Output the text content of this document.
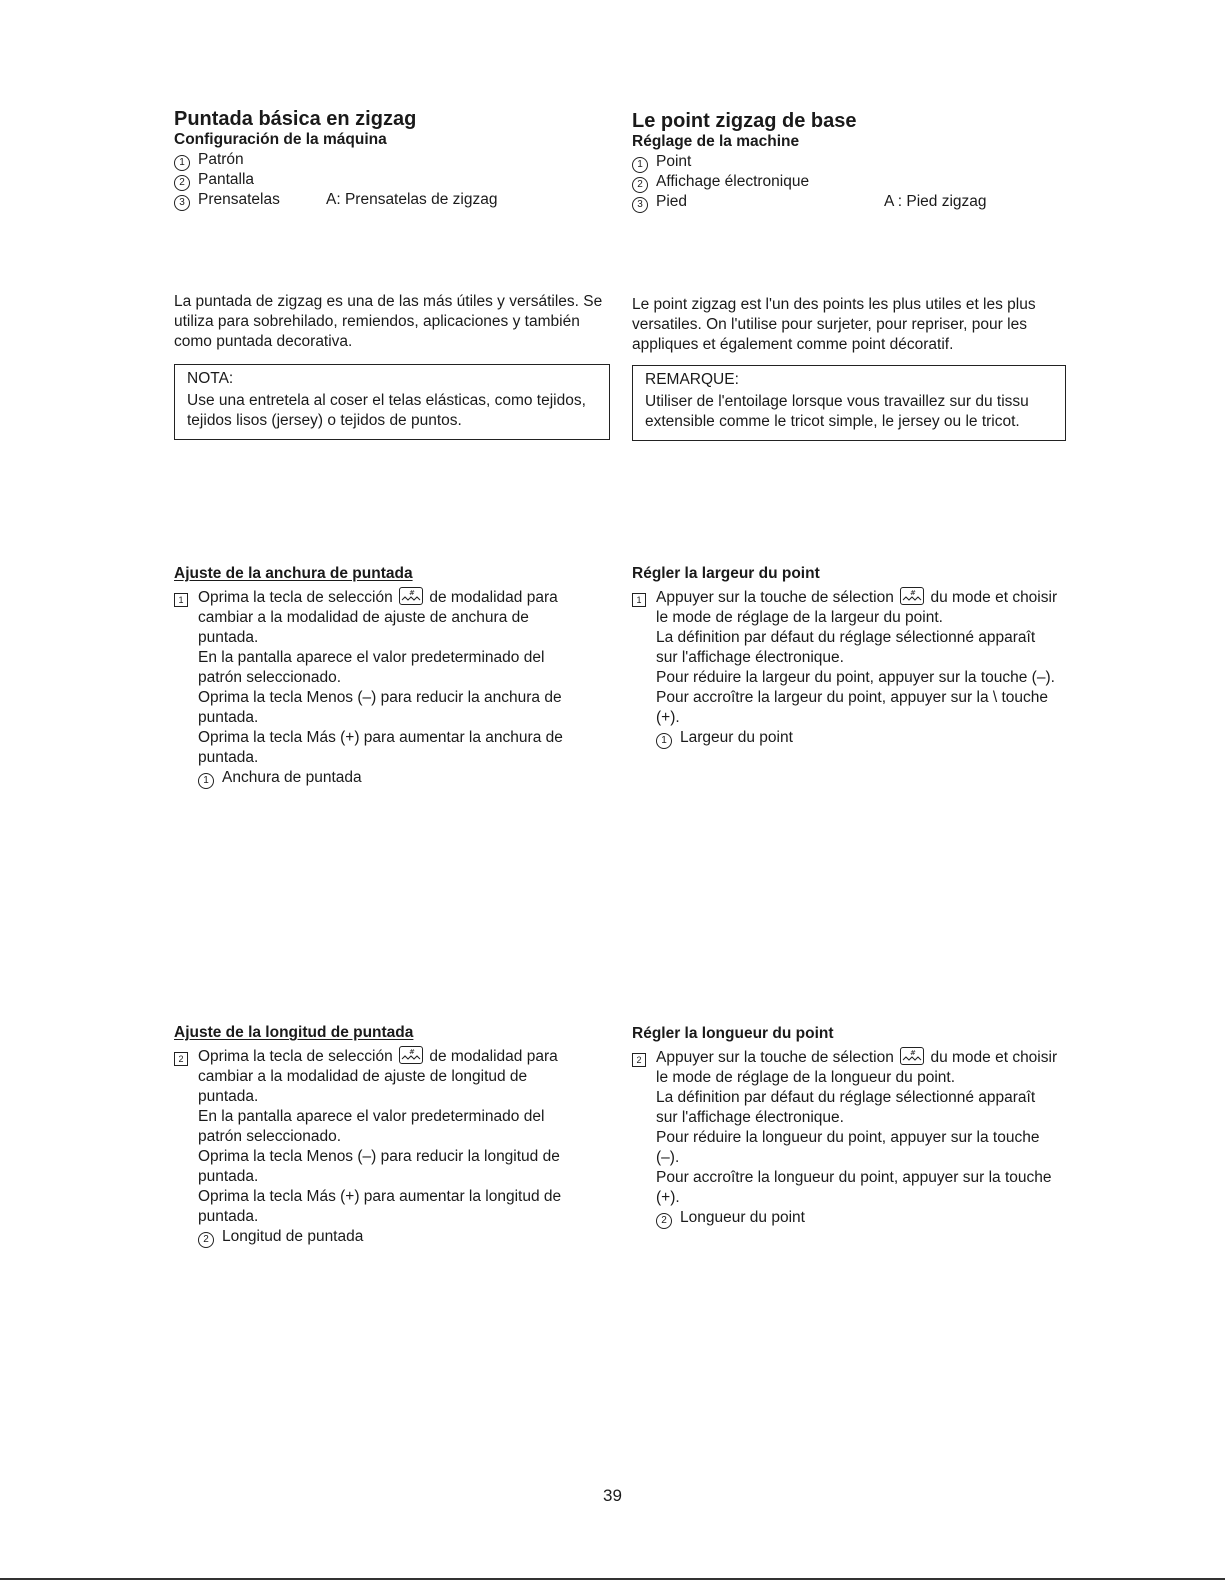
Puntada básica en zigzag
Configuración de la máquina
1 Patrón
2 Pantalla
3 Prensatelas	A: Prensatelas de zigzag
La puntada de zigzag es una de las más útiles y versátiles. Se utiliza para sobrehilado, remiendos, aplicaciones y también como puntada decorativa.
NOTA:
Use una entretela al coser el telas elásticas, como tejidos, tejidos lisos (jersey) o tejidos de puntos.
Ajuste de la anchura de puntada
1 Oprima la tecla de selección # de modalidad para cambiar a la modalidad de ajuste de anchura de puntada.
En la pantalla aparece el valor predeterminado del patrón seleccionado.
Oprima la tecla Menos (–) para reducir la anchura de puntada.
Oprima la tecla Más (+) para aumentar la anchura de puntada.
1 Anchura de puntada
Ajuste de la longitud de puntada
2 Oprima la tecla de selección # de modalidad para cambiar a la modalidad de ajuste de longitud de puntada.
En la pantalla aparece el valor predeterminado del patrón seleccionado.
Oprima la tecla Menos (–) para reducir la longitud de puntada.
Oprima la tecla Más (+) para aumentar la longitud de puntada.
2 Longitud de puntada
Le point zigzag de base
Réglage de la machine
1 Point
2 Affichage électronique
3 Pied	A : Pied zigzag
Le point zigzag est l'un des points les plus utiles et les plus versatiles. On l'utilise pour surjeter, pour repriser, pour les appliques et également comme point décoratif.
REMARQUE:
Utiliser de l'entoilage lorsque vous travaillez sur du tissu extensible comme le tricot simple, le jersey ou le tricot.
Régler la largeur du point
1 Appuyer sur la touche de sélection # du mode et choisir le mode de réglage de la largeur du point.
La définition par défaut du réglage sélectionné apparaît sur l'affichage électronique.
Pour réduire la largeur du point, appuyer sur la touche (–).
Pour accroître la largeur du point, appuyer sur la \ touche (+).
1 Largeur du point
Régler la longueur du point
2 Appuyer sur la touche de sélection # du mode et choisir le mode de réglage de la longueur du point.
La définition par défaut du réglage sélectionné apparaît sur l'affichage électronique.
Pour réduire la longueur du point, appuyer sur la touche (–).
Pour accroître la longueur du point, appuyer sur la touche (+).
2 Longueur du point
39
